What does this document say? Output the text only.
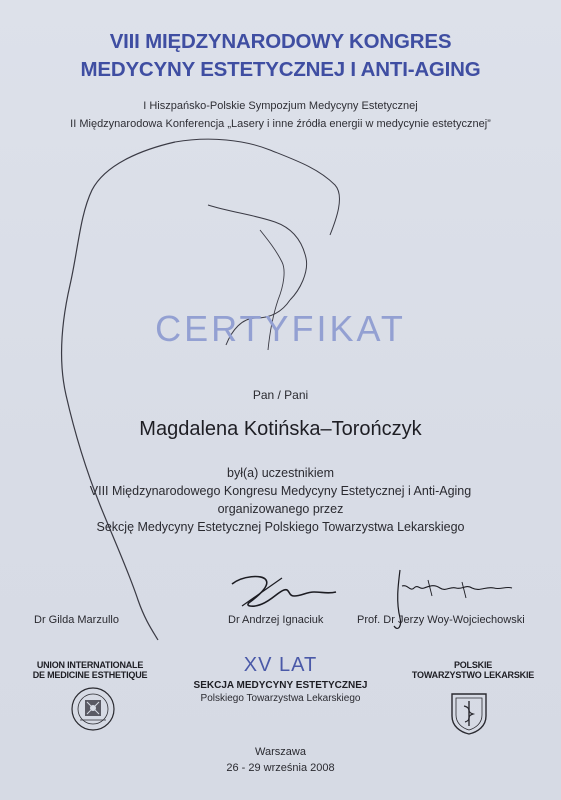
VIII MIĘDZYNARODOWY KONGRES
MEDYCYNY ESTETYCZNEJ I ANTI-AGING
I Hiszpańsko-Polskie Sympozjum Medycyny Estetycznej
II Międzynarodowa Konferencja „Lasery i inne źródła energii w medycynie estetycznej”
CERTYFIKAT
Pan / Pani
Magdalena Kotińska–Torończyk
był(a) uczestnikiem
VIII Międzynarodowego Kongresu Medycyny Estetycznej i Anti-Aging
organizowanego przez
Sekcję Medycyny Estetycznej Polskiego Towarzystwa Lekarskiego
Dr Gilda Marzullo	Dr Andrzej Ignaciuk	Prof. Dr Jerzy Woy-Wojciechowski
UNION INTERNATIONALE
DE MEDICINE ESTHETIQUE	XV LAT
SEKCJA MEDYCYNY ESTETYCZNEJ
Polskiego Towarzystwa Lekarskiego
POLSKIE
TOWARZYSTWO LEKARSKIE
Warszawa
26 - 29 września 2008
